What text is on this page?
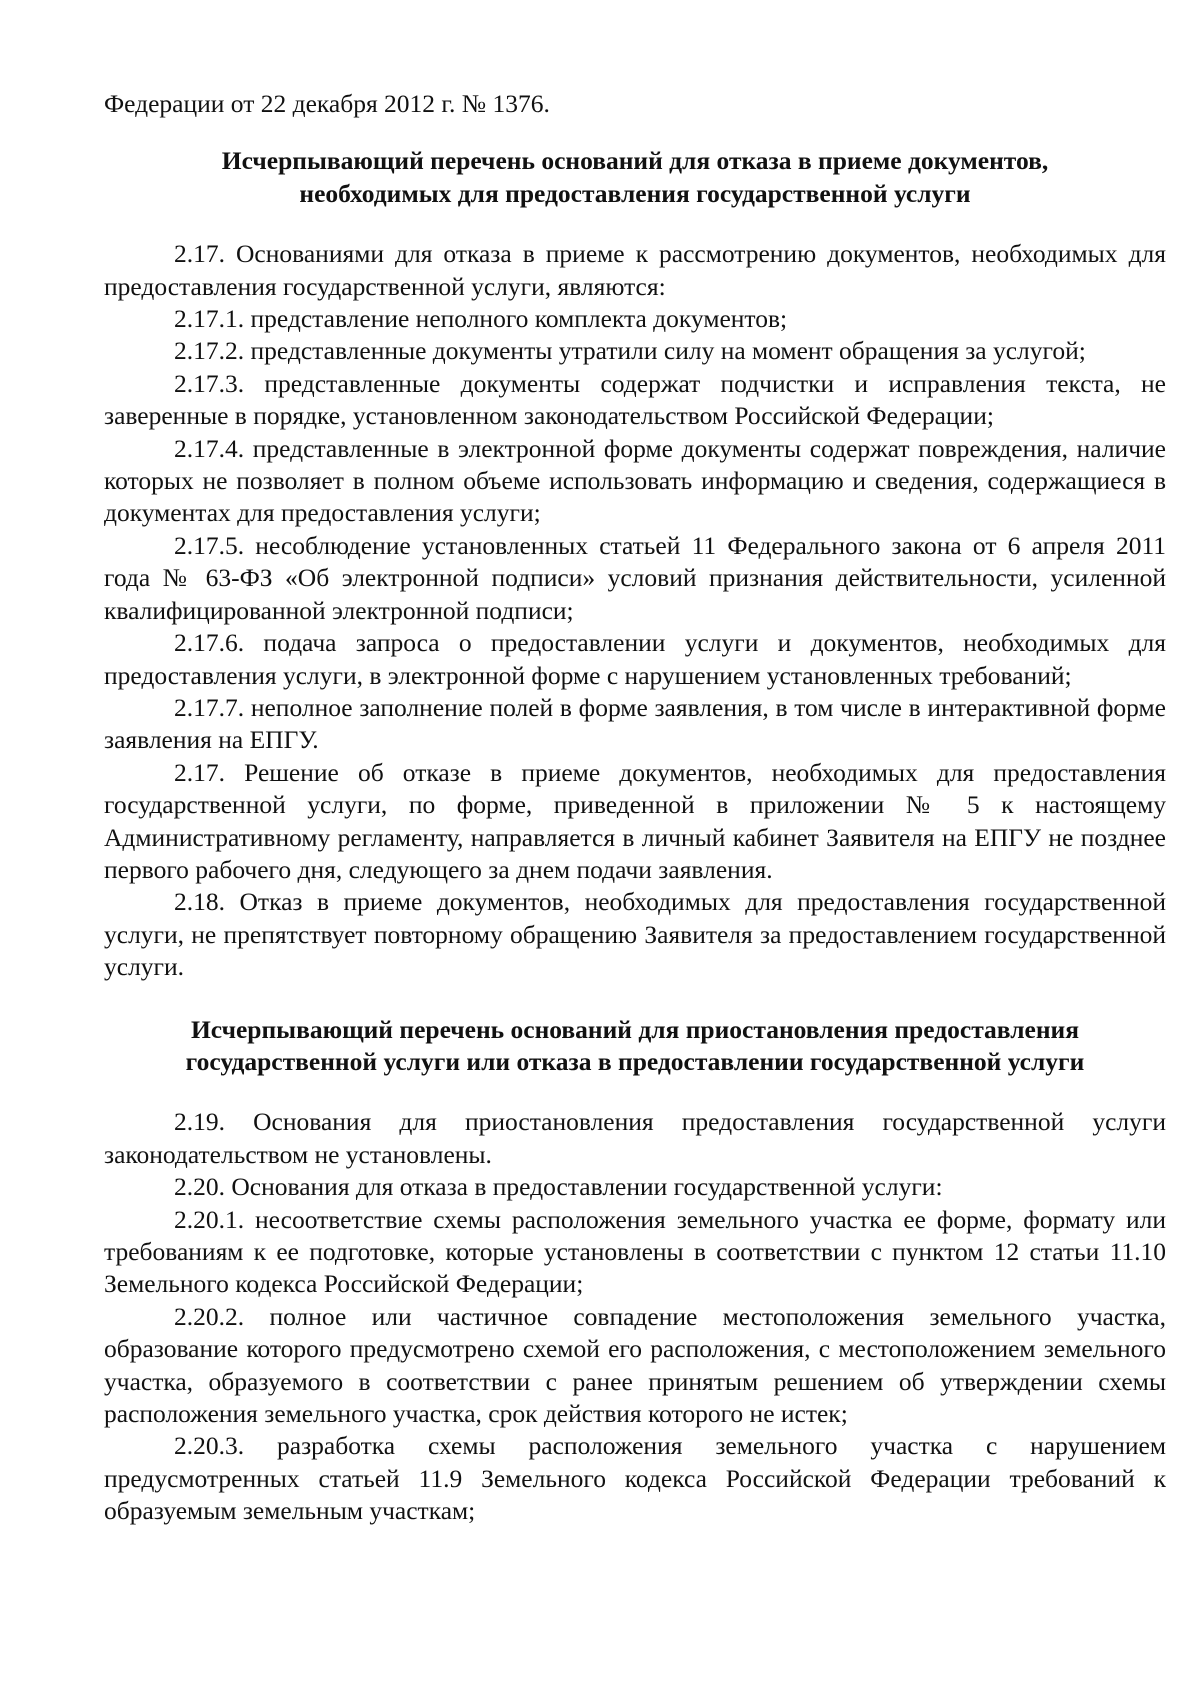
Федерации от 22 декабря 2012 г. № 1376.

Исчерпывающий перечень оснований для отказа в приеме документов,
необходимых для предоставления государственной услуги

2.17. Основаниями для отказа в приеме к рассмотрению документов, необходимых для предоставления государственной услуги, являются:

2.17.1. представление неполного комплекта документов;

2.17.2. представленные документы утратили силу на момент обращения за услугой;

2.17.3. представленные документы содержат подчистки и исправления текста, не заверенные в порядке, установленном законодательством Российской Федерации;

2.17.4. представленные в электронной форме документы содержат повреждения, наличие которых не позволяет в полном объеме использовать информацию и сведения, содержащиеся в документах для предоставления услуги;

2.17.5. несоблюдение установленных статьей 11 Федерального закона от 6 апреля 2011 года № 63-ФЗ «Об электронной подписи» условий признания действительности, усиленной квалифицированной электронной подписи;

2.17.6. подача запроса о предоставлении услуги и документов, необходимых для предоставления услуги, в электронной форме с нарушением установленных требований;

2.17.7. неполное заполнение полей в форме заявления, в том числе в интерактивной форме заявления на ЕПГУ.

2.17. Решение об отказе в приеме документов, необходимых для предоставления государственной услуги, по форме, приведенной в приложении № 5 к настоящему Административному регламенту, направляется в личный кабинет Заявителя на ЕПГУ не позднее первого рабочего дня, следующего за днем подачи заявления.

2.18. Отказ в приеме документов, необходимых для предоставления государственной услуги, не препятствует повторному обращению Заявителя за предоставлением государственной услуги.

Исчерпывающий перечень оснований для приостановления предоставления
государственной услуги или отказа в предоставлении государственной услуги

2.19. Основания для приостановления предоставления государственной услуги законодательством не установлены.

2.20. Основания для отказа в предоставлении государственной услуги:

2.20.1. несоответствие схемы расположения земельного участка ее форме, формату или требованиям к ее подготовке, которые установлены в соответствии с пунктом 12 статьи 11.10 Земельного кодекса Российской Федерации;

2.20.2. полное или частичное совпадение местоположения земельного участка, образование которого предусмотрено схемой его расположения, с местоположением земельного участка, образуемого в соответствии с ранее принятым решением об утверждении схемы расположения земельного участка, срок действия которого не истек;

2.20.3. разработка схемы расположения земельного участка с нарушением предусмотренных статьей 11.9 Земельного кодекса Российской Федерации требований к образуемым земельным участкам;
